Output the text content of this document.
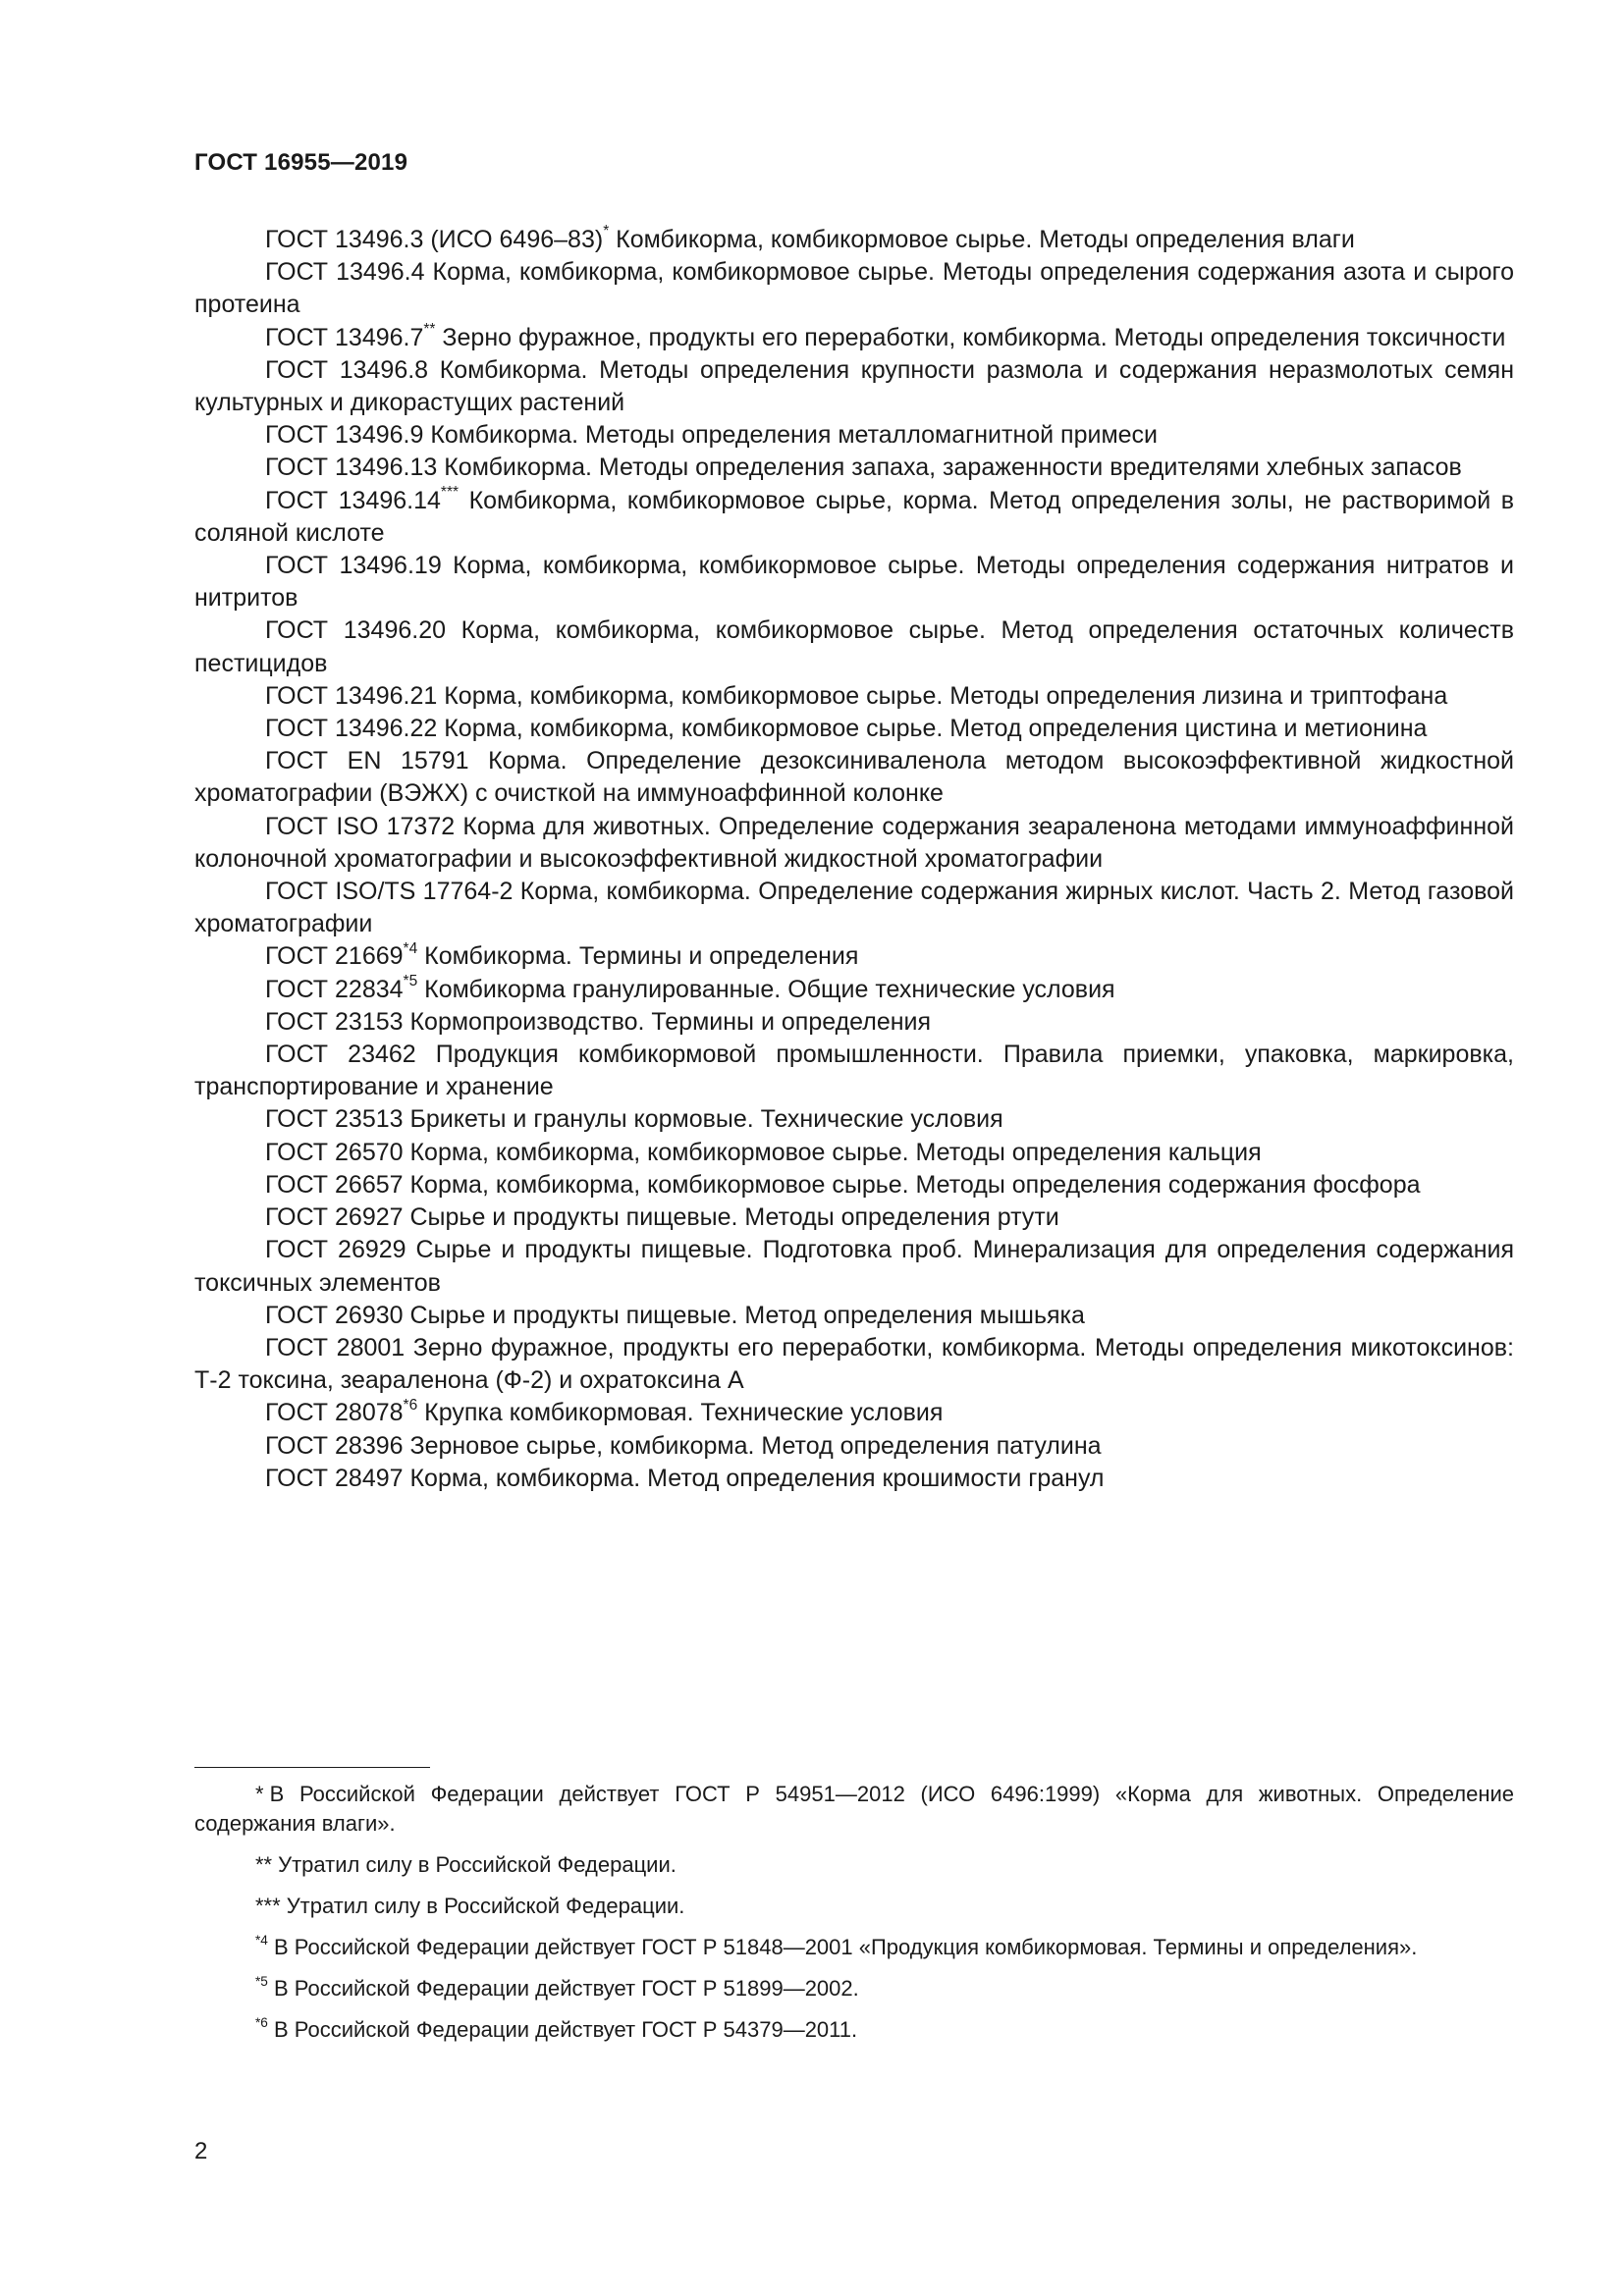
ГОСТ 16955—2019

ГОСТ 13496.3 (ИСО 6496–83)* Комбикорма, комбикормовое сырье. Методы определения влаги

ГОСТ 13496.4 Корма, комбикорма, комбикормовое сырье. Методы определения содержания азота и сырого протеина

ГОСТ 13496.7** Зерно фуражное, продукты его переработки, комбикорма. Методы определения токсичности

ГОСТ 13496.8 Комбикорма. Методы определения крупности размола и содержания неразмолотых семян культурных и дикорастущих растений

ГОСТ 13496.9 Комбикорма. Методы определения металломагнитной примеси

ГОСТ 13496.13 Комбикорма. Методы определения запаха, зараженности вредителями хлебных запасов

ГОСТ 13496.14*** Комбикорма, комбикормовое сырье, корма. Метод определения золы, не растворимой в соляной кислоте

ГОСТ 13496.19 Корма, комбикорма, комбикормовое сырье. Методы определения содержания нитратов и нитритов

ГОСТ 13496.20 Корма, комбикорма, комбикормовое сырье. Метод определения остаточных количеств пестицидов

ГОСТ 13496.21 Корма, комбикорма, комбикормовое сырье. Методы определения лизина и триптофана

ГОСТ 13496.22 Корма, комбикорма, комбикормовое сырье. Метод определения цистина и метионина

ГОСТ EN 15791 Корма. Определение дезоксиниваленола методом высокоэффективной жидкостной хроматографии (ВЭЖХ) с очисткой на иммуноаффинной колонке

ГОСТ ISO 17372 Корма для животных. Определение содержания зеараленона методами иммуноаффинной колоночной хроматографии и высокоэффективной жидкостной хроматографии

ГОСТ ISO/TS 17764-2 Корма, комбикорма. Определение содержания жирных кислот. Часть 2. Метод газовой хроматографии

ГОСТ 21669$^{*4}$ Комбикорма. Термины и определения

ГОСТ 22834$^{*5}$ Комбикорма гранулированные. Общие технические условия

ГОСТ 23153 Кормопроизводство. Термины и определения

ГОСТ 23462 Продукция комбикормовой промышленности. Правила приемки, упаковка, маркировка, транспортирование и хранение

ГОСТ 23513 Брикеты и гранулы кормовые. Технические условия

ГОСТ 26570 Корма, комбикорма, комбикормовое сырье. Методы определения кальция

ГОСТ 26657 Корма, комбикорма, комбикормовое сырье. Методы определения содержания фосфора

ГОСТ 26927 Сырье и продукты пищевые. Методы определения ртути

ГОСТ 26929 Сырье и продукты пищевые. Подготовка проб. Минерализация для определения содержания токсичных элементов

ГОСТ 26930 Сырье и продукты пищевые. Метод определения мышьяка

ГОСТ 28001 Зерно фуражное, продукты его переработки, комбикорма. Методы определения микотоксинов: Т-2 токсина, зеараленона (Ф-2) и охратоксина А

ГОСТ 28078$^{*6}$ Крупка комбикормовая. Технические условия

ГОСТ 28396 Зерновое сырье, комбикорма. Метод определения патулина

ГОСТ 28497 Корма, комбикорма. Метод определения крошимости гранул

* В Российской Федерации действует ГОСТ Р 54951—2012 (ИСО 6496:1999) «Корма для животных. Определение содержания влаги».

** Утратил силу в Российской Федерации.

*** Утратил силу в Российской Федерации.

$^{*4}$ В Российской Федерации действует ГОСТ Р 51848—2001 «Продукция комбикормовая. Термины и определения».

$^{*5}$ В Российской Федерации действует ГОСТ Р 51899—2002.

$^{*6}$ В Российской Федерации действует ГОСТ Р 54379—2011.

2
